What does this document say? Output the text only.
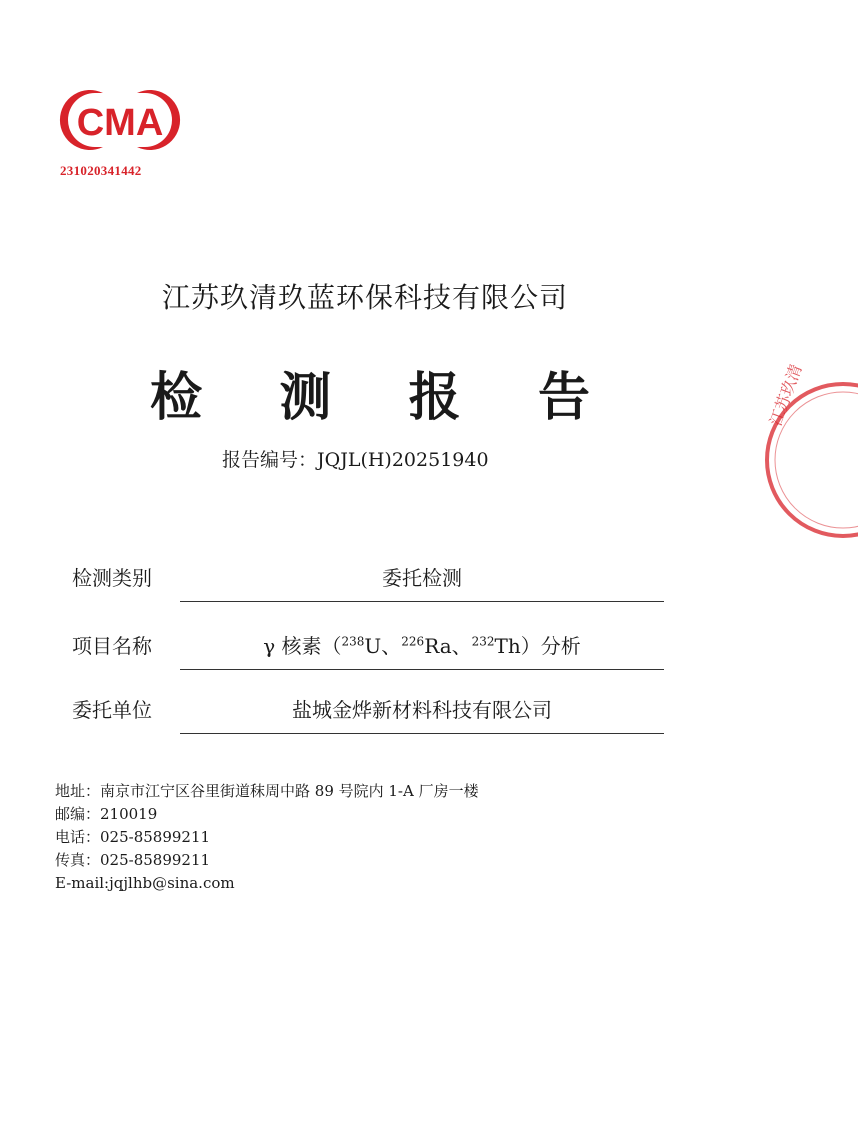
CMA
231020341442
江苏玖清
江苏玖清玖蓝环保科技有限公司
检 测 报 告
报告编号：JQJL(H)20251940
检测类别	委托检测
项目名称	γ 核素（$^{238}$U、$^{226}$Ra、$^{232}$Th）分析
委托单位	盐城金烨新材料科技有限公司
地址：南京市江宁区谷里街道秣周中路 89 号院内 1-A 厂房一楼
邮编：210019
电话：025-85899211
传真：025-85899211
E-mail:jqjlhb@sina.com
